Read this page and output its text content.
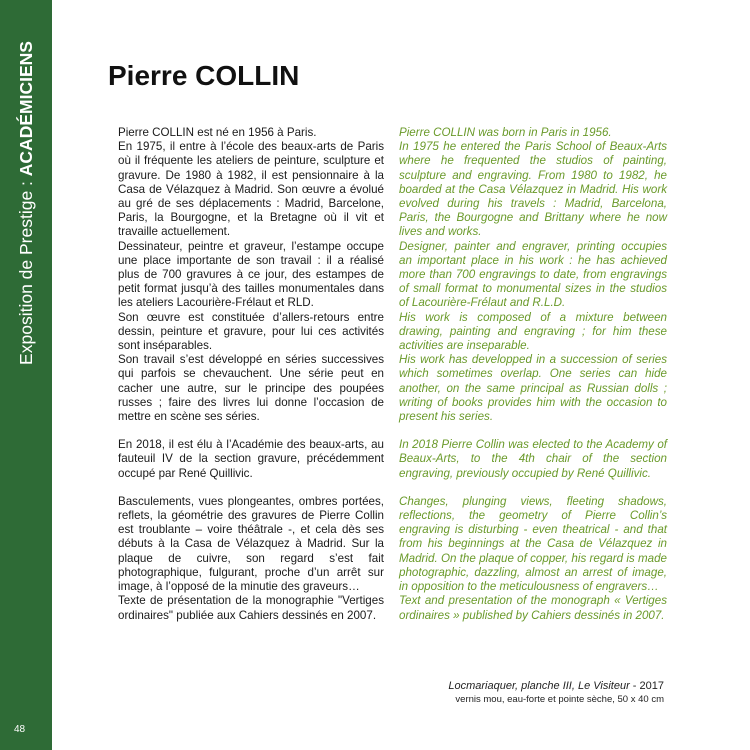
Exposition de Prestige : ACADÉMICIENS
48
Pierre COLLIN

Pierre COLLIN est né en 1956 à Paris.

En 1975, il entre à l’école des beaux-arts de Paris où il fréquente les ateliers de peinture, sculpture et gravure. De 1980 à 1982, il est pensionnaire à la Casa de Vélazquez à Madrid. Son œuvre a évolué au gré de ses déplacements : Madrid, Barcelone, Paris, la Bourgogne, et la Bretagne où il vit et travaille actuellement.

Dessinateur, peintre et graveur, l’estampe occupe une place importante de son travail : il a réalisé plus de 700 gravures à ce jour, des estampes de petit format jusqu’à des tailles monumentales dans les ateliers Lacourière-Frélaut et RLD.

Son œuvre est constituée d’allers-retours entre dessin, peinture et gravure, pour lui ces activités sont inséparables.

Son travail s’est développé en séries successives qui parfois se chevauchent. Une série peut en cacher une autre, sur le principe des poupées russes ; faire des livres lui donne l’occasion de mettre en scène ses séries.

En 2018, il est élu à l’Académie des beaux-arts, au fauteuil IV de la section gravure, précédemment occupé par René Quillivic.

Basculements, vues plongeantes, ombres portées, reflets, la géométrie des gravures de Pierre Collin est troublante – voire théâtrale -, et cela dès ses débuts à la Casa de Vélazquez à Madrid. Sur la plaque de cuivre, son regard s’est fait photographique, fulgurant, proche d’un arrêt sur image, à l’opposé de la minutie des graveurs…

Texte de présentation de la monographie "Vertiges ordinaires" publiée aux Cahiers dessinés en 2007.

Pierre COLLIN was born in Paris in 1956.

In 1975 he entered the Paris School of Beaux-Arts where he frequented the studios of painting, sculpture and engraving. From 1980 to 1982, he boarded at the Casa Vélazquez in Madrid. His work evolved during his travels : Madrid, Barcelona, Paris, the Bourgogne and Brittany where he now lives and works.

Designer, painter and engraver, printing occupies an important place in his work : he has achieved more than 700 engravings to date, from engravings of small format to monumental sizes in the studios of Lacourière-Frélaut and R.L.D.

His work is composed of a mixture between drawing, painting and engraving ; for him these activities are inseparable.

His work has developped in a succession of series which sometimes overlap. One series can hide another, on the same principal as Russian dolls ; writing of books provides him with the occasion to present his series.

In 2018 Pierre Collin was elected to the Academy of Beaux-Arts, to the 4th chair of the section engraving, previously occupied by René Quillivic.

Changes, plunging views, fleeting shadows, reflections, the geometry of Pierre Collin’s engraving is disturbing - even theatrical - and that from his beginnings at the Casa de Vélazquez in Madrid. On the plaque of copper, his regard is made photographic, dazzling, almost an arrest of image, in opposition to the meticulousness of engravers…

Text and presentation of the monograph « Vertiges ordinaires » published by Cahiers dessinés in 2007.

Locmariaquer, planche III, Le Visiteur - 2017
vernis mou, eau-forte et pointe sèche, 50 x 40 cm
